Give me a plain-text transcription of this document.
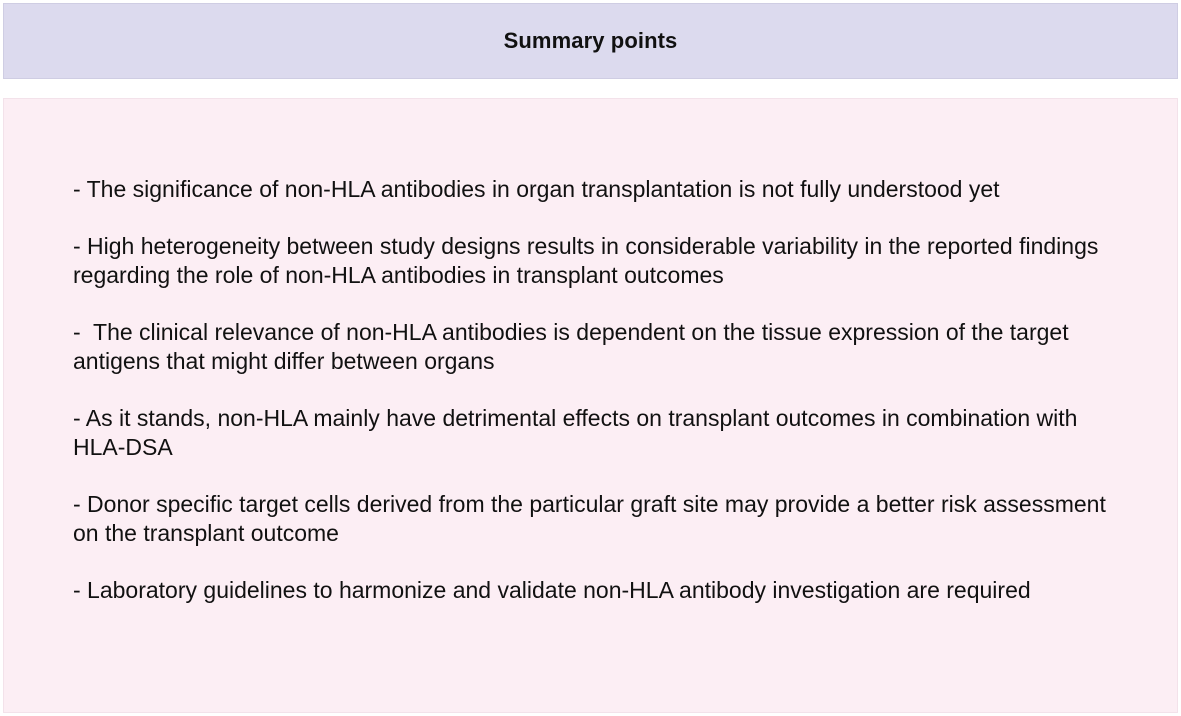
Summary points
- The significance of non-HLA antibodies in organ transplantation is not fully understood yet
- High heterogeneity between study designs results in considerable variability in the reported findings regarding the role of non-HLA antibodies in transplant outcomes
-  The clinical relevance of non-HLA antibodies is dependent on the tissue expression of the target antigens that might differ between organs
- As it stands, non-HLA mainly have detrimental effects on transplant outcomes in combination with HLA-DSA
- Donor specific target cells derived from the particular graft site may provide a better risk assessment on the transplant outcome
- Laboratory guidelines to harmonize and validate non-HLA antibody investigation are required
